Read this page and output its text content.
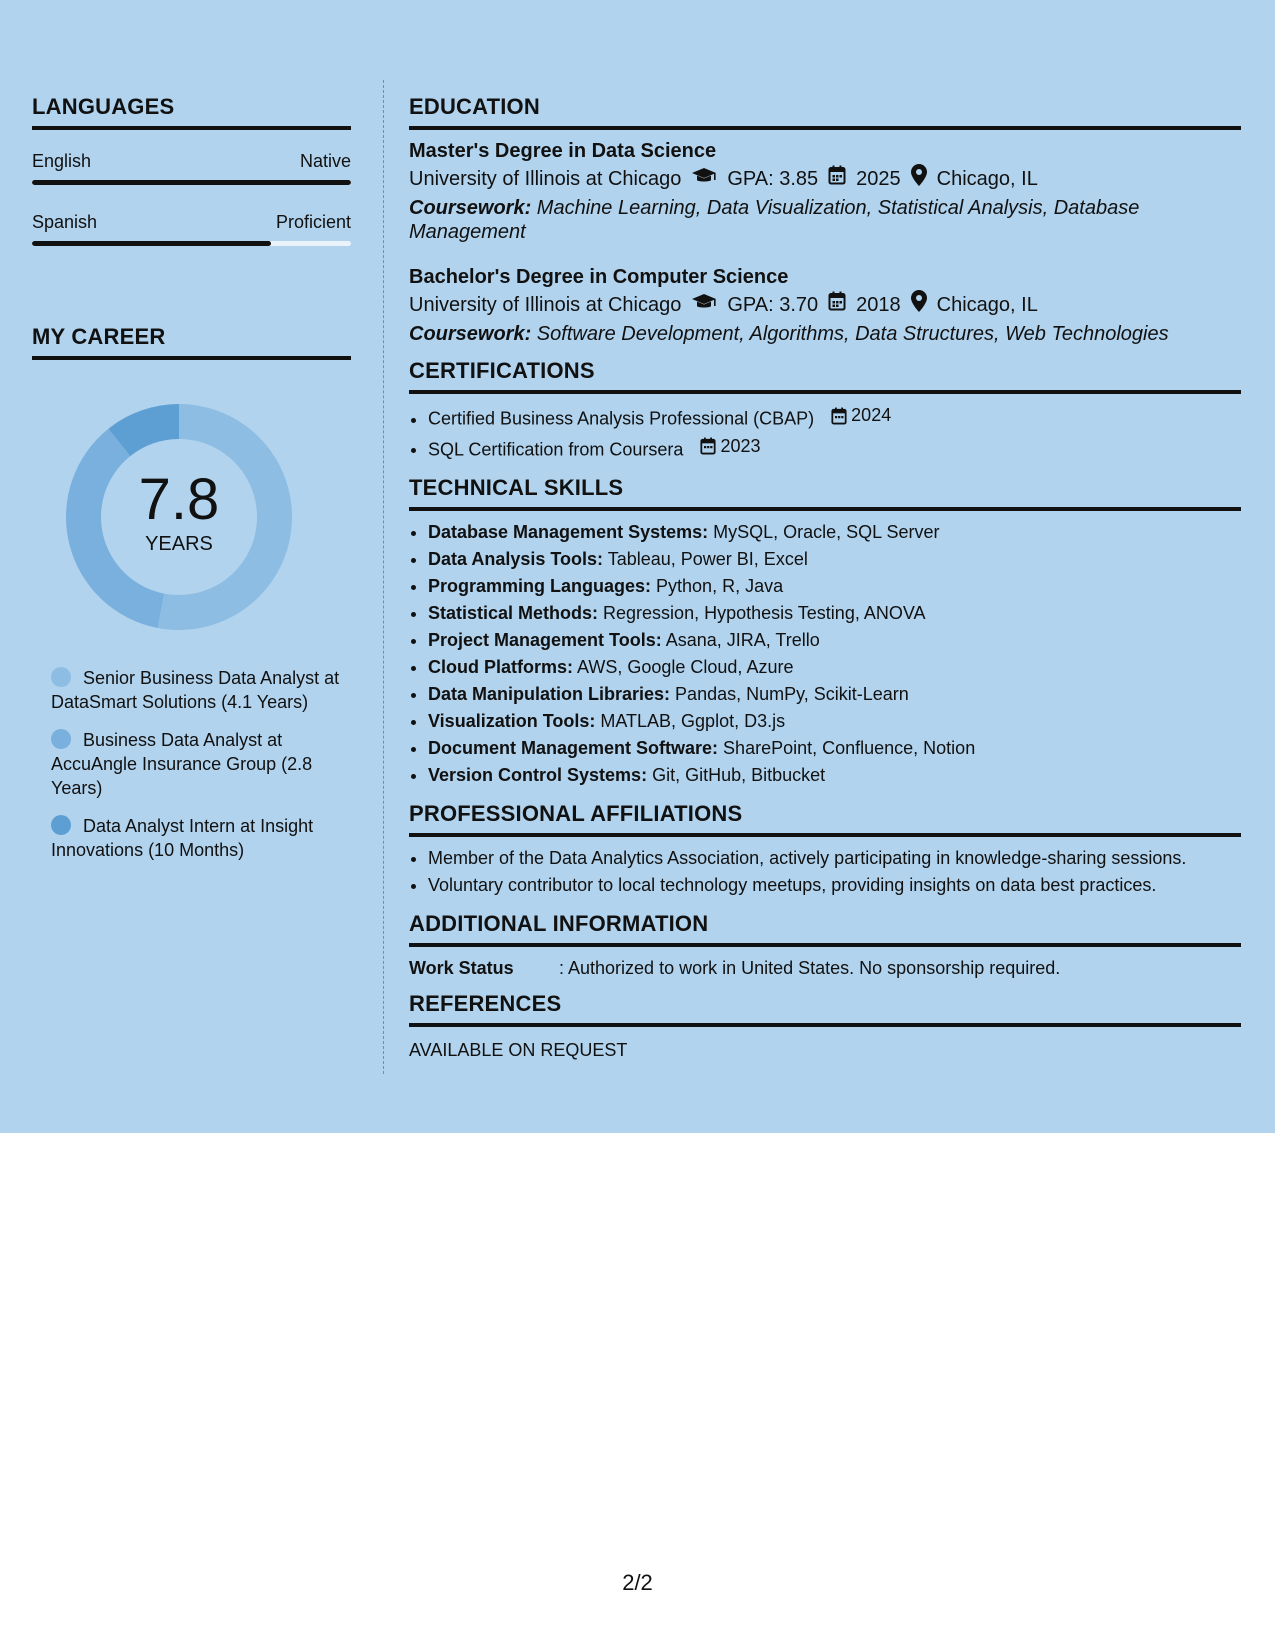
LANGUAGES
English	Native
Spanish	Proficient
MY CAREER
7.8
YEARS
Senior Business Data Analyst at DataSmart Solutions (4.1 Years)
Business Data Analyst at AccuAngle Insurance Group (2.8 Years)
Data Analyst Intern at Insight Innovations (10 Months)
EDUCATION
Master's Degree in Data Science
University of Illinois at Chicago GPA: 3.85 2025 Chicago, IL
Coursework: Machine Learning, Data Visualization, Statistical Analysis, Database Management
Bachelor's Degree in Computer Science
University of Illinois at Chicago GPA: 3.70 2018 Chicago, IL
Coursework: Software Development, Algorithms, Data Structures, Web Technologies
CERTIFICATIONS
• Certified Business Analysis Professional (CBAP) 2024
• SQL Certification from Coursera 2023
TECHNICAL SKILLS
• Database Management Systems: MySQL, Oracle, SQL Server
• Data Analysis Tools: Tableau, Power BI, Excel
• Programming Languages: Python, R, Java
• Statistical Methods: Regression, Hypothesis Testing, ANOVA
• Project Management Tools: Asana, JIRA, Trello
• Cloud Platforms: AWS, Google Cloud, Azure
• Data Manipulation Libraries: Pandas, NumPy, Scikit-Learn
• Visualization Tools: MATLAB, Ggplot, D3.js
• Document Management Software: SharePoint, Confluence, Notion
• Version Control Systems: Git, GitHub, Bitbucket
PROFESSIONAL AFFILIATIONS
• Member of the Data Analytics Association, actively participating in knowledge-sharing sessions.
• Voluntary contributor to local technology meetups, providing insights on data best practices.
ADDITIONAL INFORMATION
Work Status	: Authorized to work in United States. No sponsorship required.
REFERENCES
AVAILABLE ON REQUEST
2/2
